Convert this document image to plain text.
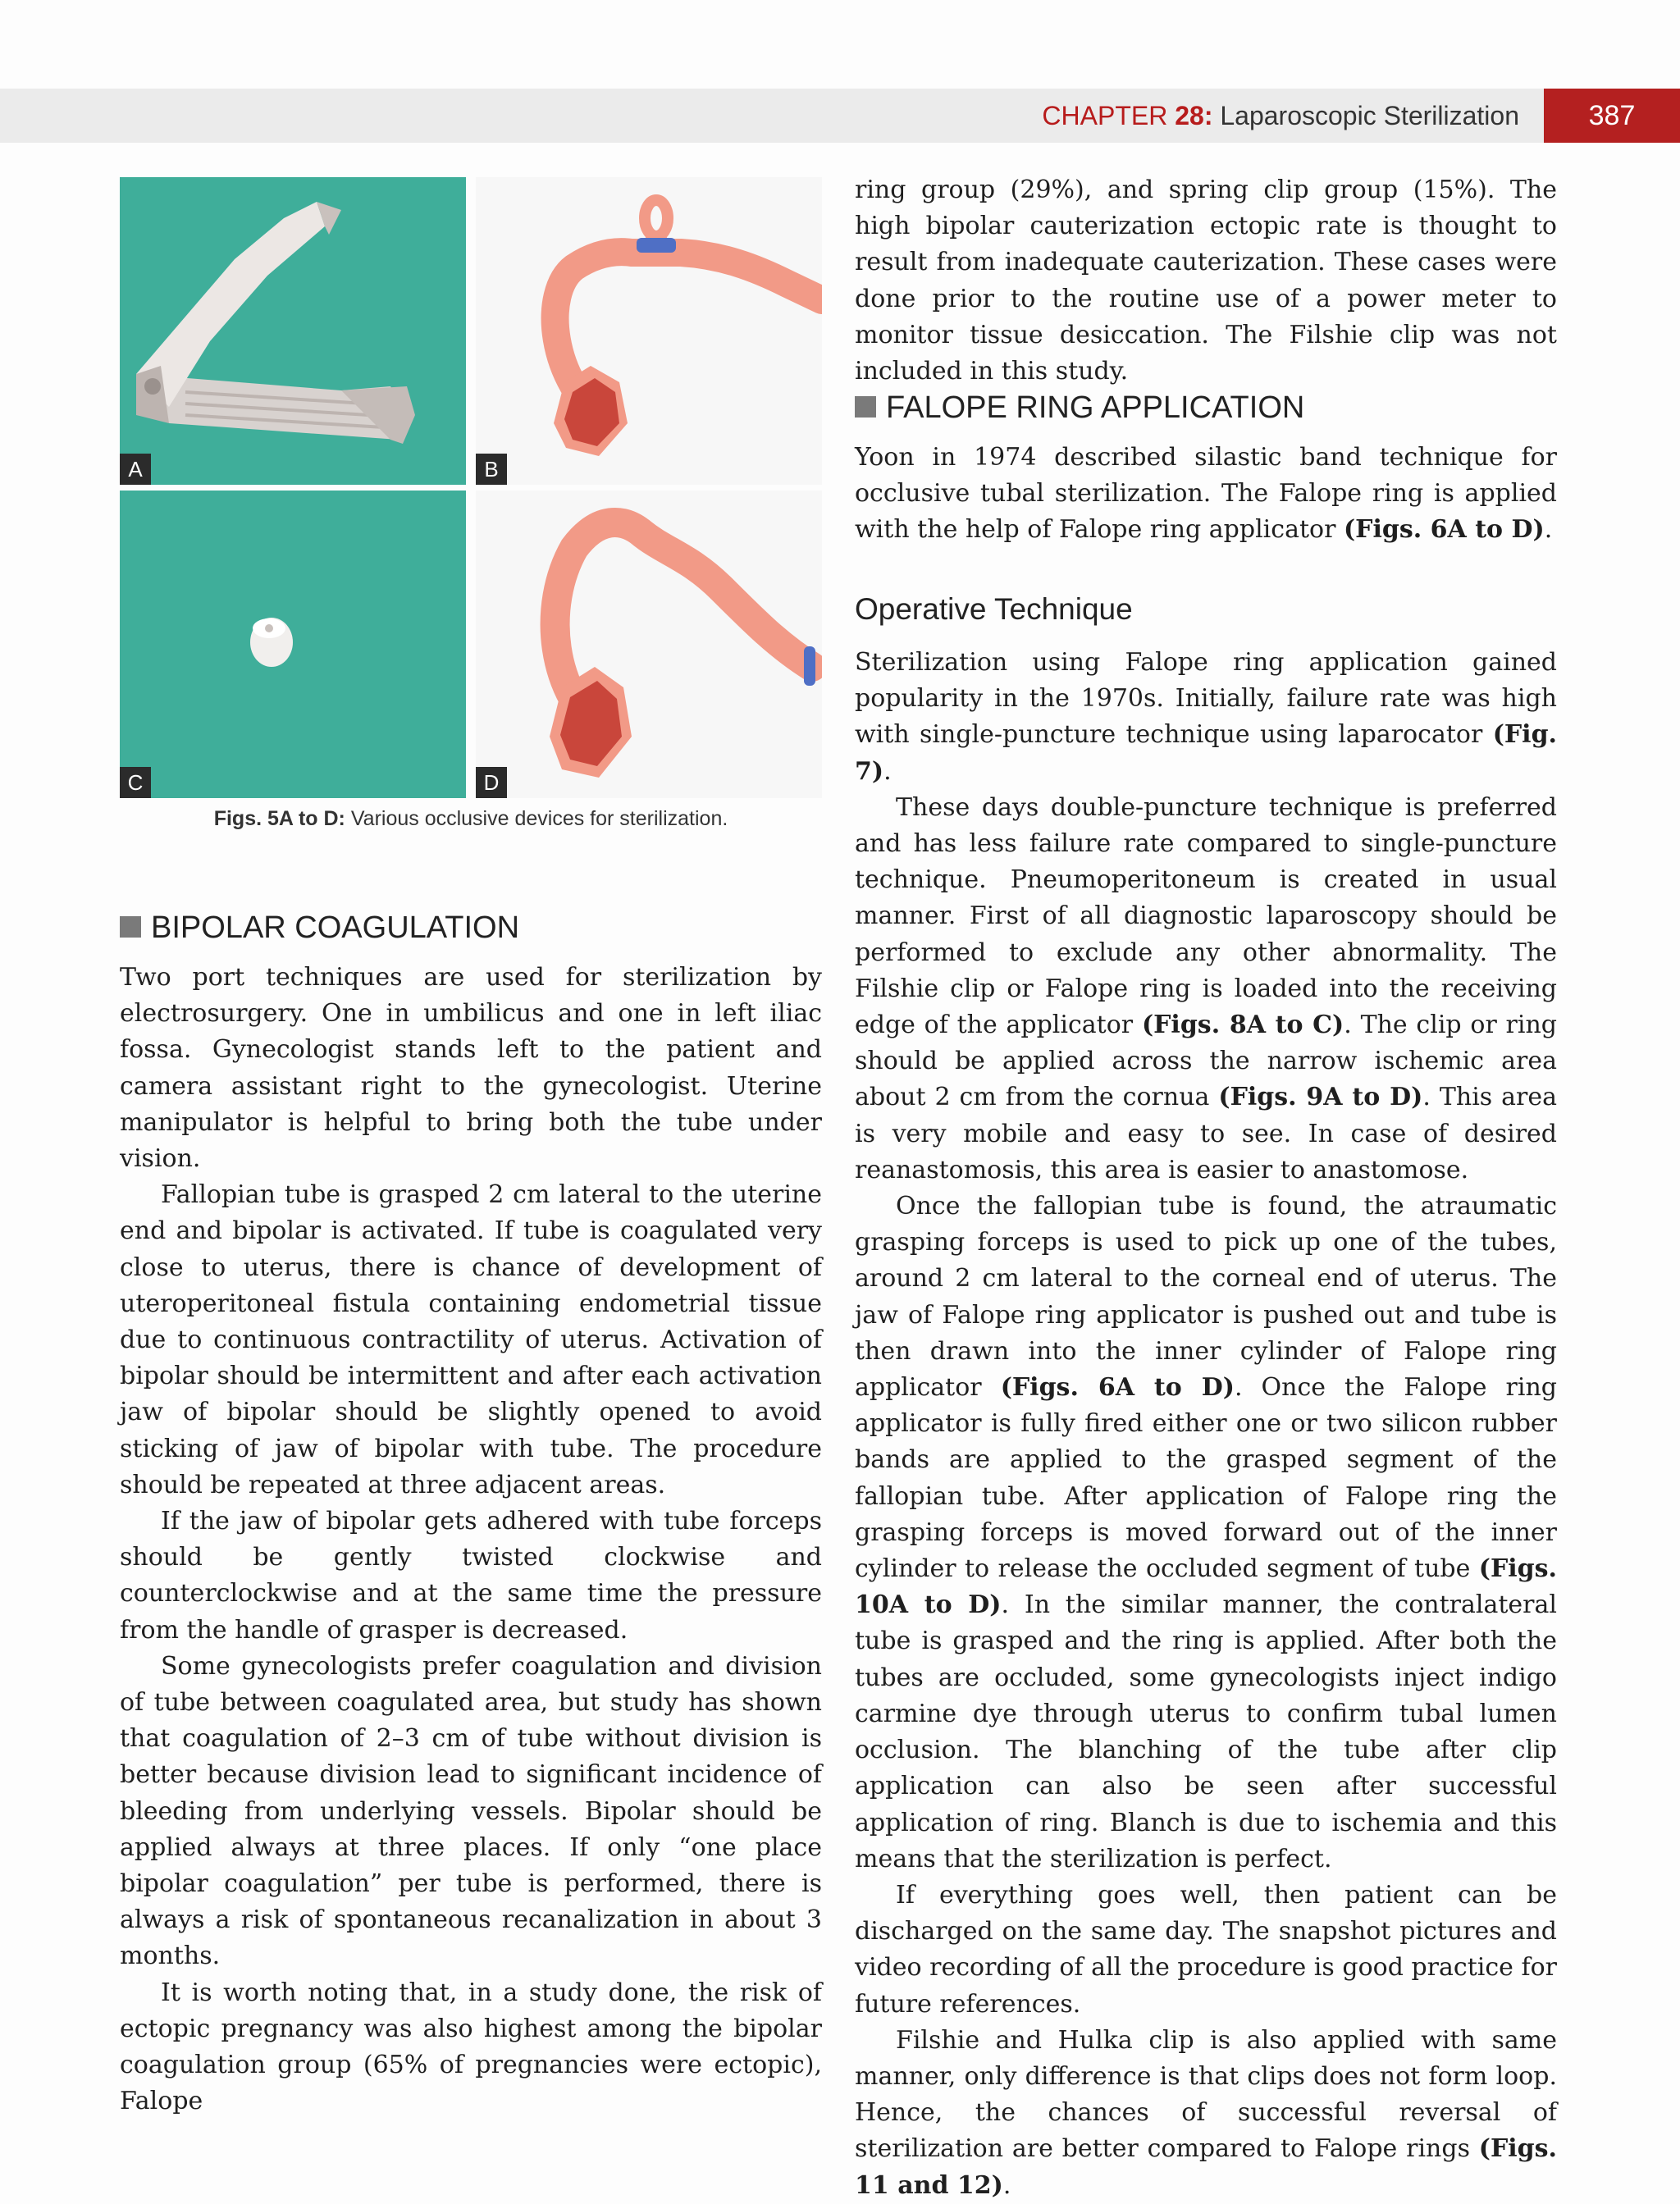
CHAPTER 28: Laparoscopic Sterilization	387
A	B
C	D
Figs. 5A to D: Various occlusive devices for sterilization.
BIPOLAR COAGULATION

Two port techniques are used for sterilization by electrosurgery. One in umbilicus and one in left iliac fossa. Gynecologist stands left to the patient and camera assistant right to the gynecologist. Uterine manipulator is helpful to bring both the tube under vision.

Fallopian tube is grasped 2 cm lateral to the uterine end and bipolar is activated. If tube is coagulated very close to uterus, there is chance of development of uteroperitoneal fistula containing endometrial tissue due to continuous contractility of uterus. Activation of bipolar should be intermittent and after each activation jaw of bipolar should be slightly opened to avoid sticking of jaw of bipolar with tube. The procedure should be repeated at three adjacent areas.

If the jaw of bipolar gets adhered with tube forceps should be gently twisted clockwise and counterclockwise and at the same time the pressure from the handle of grasper is decreased.

Some gynecologists prefer coagulation and division of tube between coagulated area, but study has shown that coagulation of 2–3 cm of tube without division is better because division lead to significant incidence of bleeding from underlying vessels. Bipolar should be applied always at three places. If only “one place bipolar coagulation” per tube is performed, there is always a risk of spontaneous recanalization in about 3 months.

It is worth noting that, in a study done, the risk of ectopic pregnancy was also highest among the bipolar coagulation group (65% of pregnancies were ectopic), Falope

ring group (29%), and spring clip group (15%). The high bipolar cauterization ectopic rate is thought to result from inadequate cauterization. These cases were done prior to the routine use of a power meter to monitor tissue desiccation. The Filshie clip was not included in this study.

FALOPE RING APPLICATION

Yoon in 1974 described silastic band technique for occlusive tubal sterilization. The Falope ring is applied with the help of Falope ring applicator (Figs. 6A to D).

Operative Technique

Sterilization using Falope ring application gained popularity in the 1970s. Initially, failure rate was high with single-puncture technique using laparocator (Fig. 7).

These days double-puncture technique is preferred and has less failure rate compared to single-puncture technique. Pneumoperitoneum is created in usual manner. First of all diagnostic laparoscopy should be performed to exclude any other abnormality. The Filshie clip or Falope ring is loaded into the receiving edge of the applicator (Figs. 8A to C). The clip or ring should be applied across the narrow ischemic area about 2 cm from the cornua (Figs. 9A to D). This area is very mobile and easy to see. In case of desired reanastomosis, this area is easier to anastomose.

Once the fallopian tube is found, the atraumatic grasping forceps is used to pick up one of the tubes, around 2 cm lateral to the corneal end of uterus. The jaw of Falope ring applicator is pushed out and tube is then drawn into the inner cylinder of Falope ring applicator (Figs. 6A to D). Once the Falope ring applicator is fully fired either one or two silicon rubber bands are applied to the grasped segment of the fallopian tube. After application of Falope ring the grasping forceps is moved forward out of the inner cylinder to release the occluded segment of tube (Figs. 10A to D). In the similar manner, the contralateral tube is grasped and the ring is applied. After both the tubes are occluded, some gynecologists inject indigo carmine dye through uterus to confirm tubal lumen occlusion. The blanching of the tube after clip application can also be seen after successful application of ring. Blanch is due to ischemia and this means that the sterilization is perfect.

If everything goes well, then patient can be discharged on the same day. The snapshot pictures and video recording of all the procedure is good practice for future references.

Filshie and Hulka clip is also applied with same manner, only difference is that clips does not form loop. Hence, the chances of successful reversal of sterilization are better compared to Falope rings (Figs. 11 and 12).
